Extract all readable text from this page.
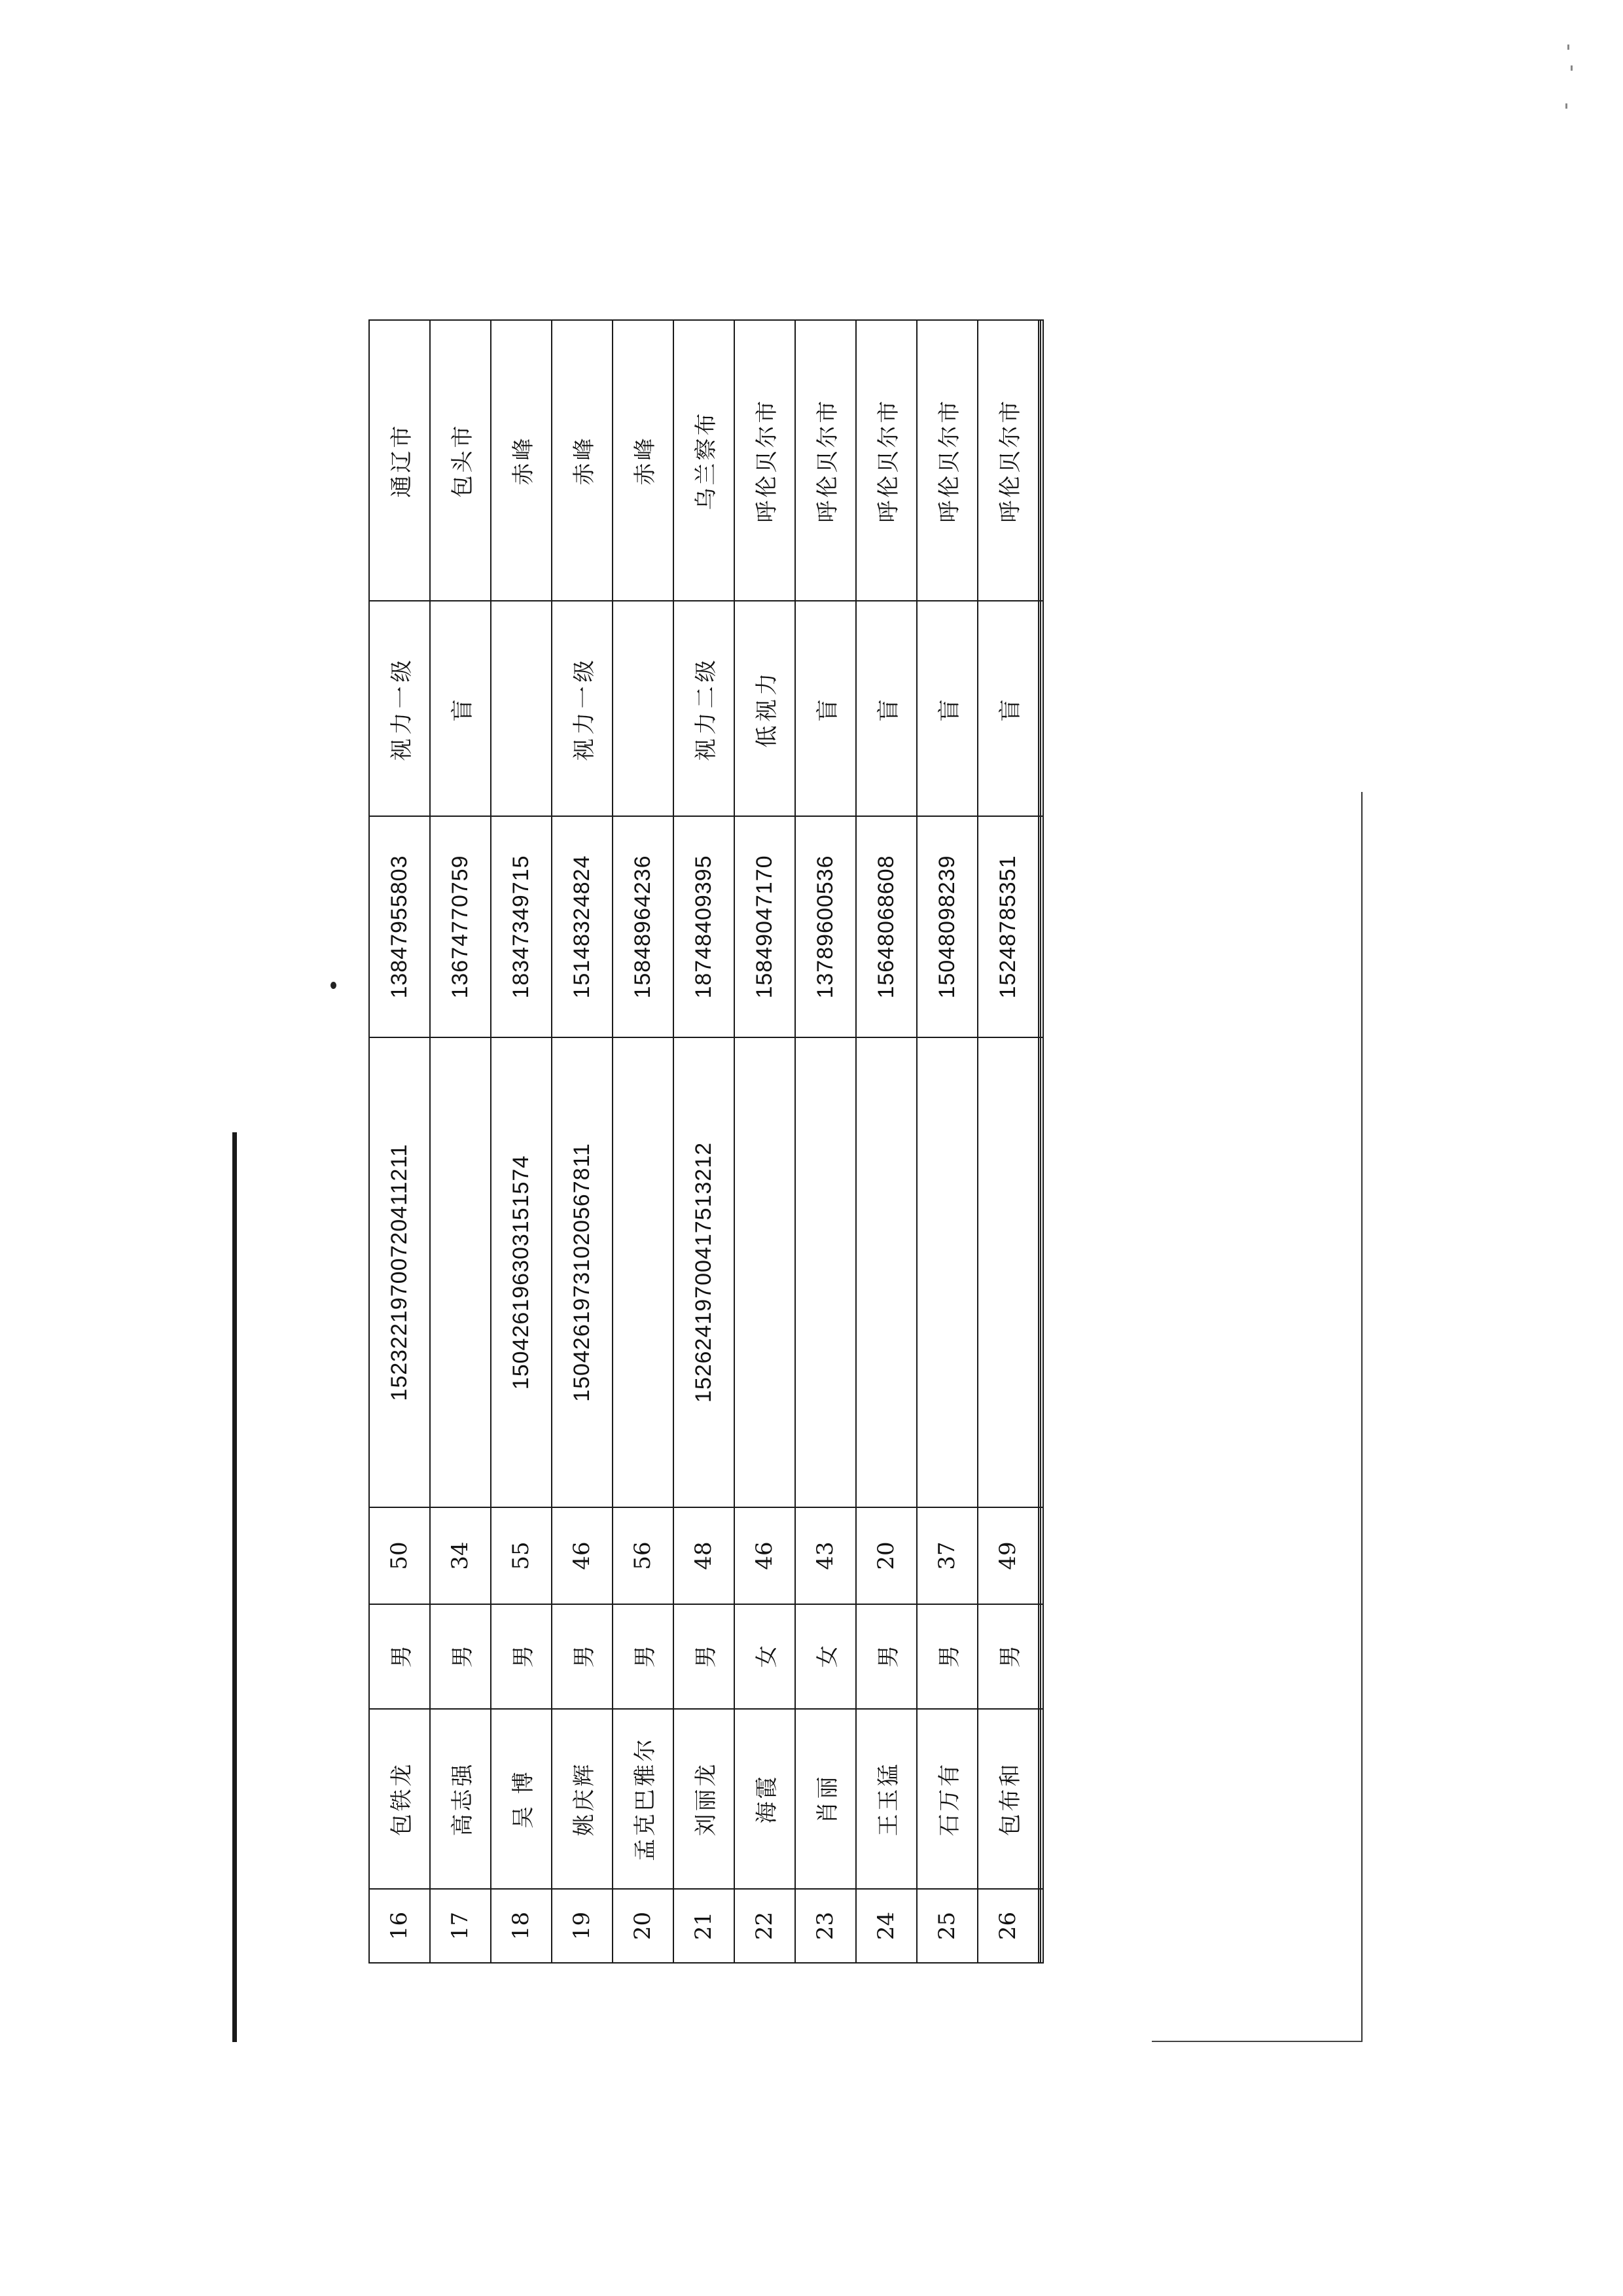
16	包铁龙	男	50	152322197007204112​11	13847955803	视力一级	通辽市
17	高志强	男	34		13674770759	盲	包头市
18	吴 博	男	55	150426196303151574	18347349715		赤峰
19	姚庆辉	男	46	150426197310205678​11	15148324824	视力一级	赤峰
20	孟克巴雅尔	男	56		15848964236		赤峰
21	刘丽龙	男	48	152624197004175132​12	18748409395	视力二级	乌兰察布
22	海霞	女	46		15849047170	低视力	呼伦贝尔市
23	肖丽	女	43		13789600536	盲	呼伦贝尔市
24	王玉猛	男	20		15648068608	盲	呼伦贝尔市
25	石万有	男	37		15048098239	盲	呼伦贝尔市
26	包布和	男	49		15248785351	盲	呼伦贝尔市
